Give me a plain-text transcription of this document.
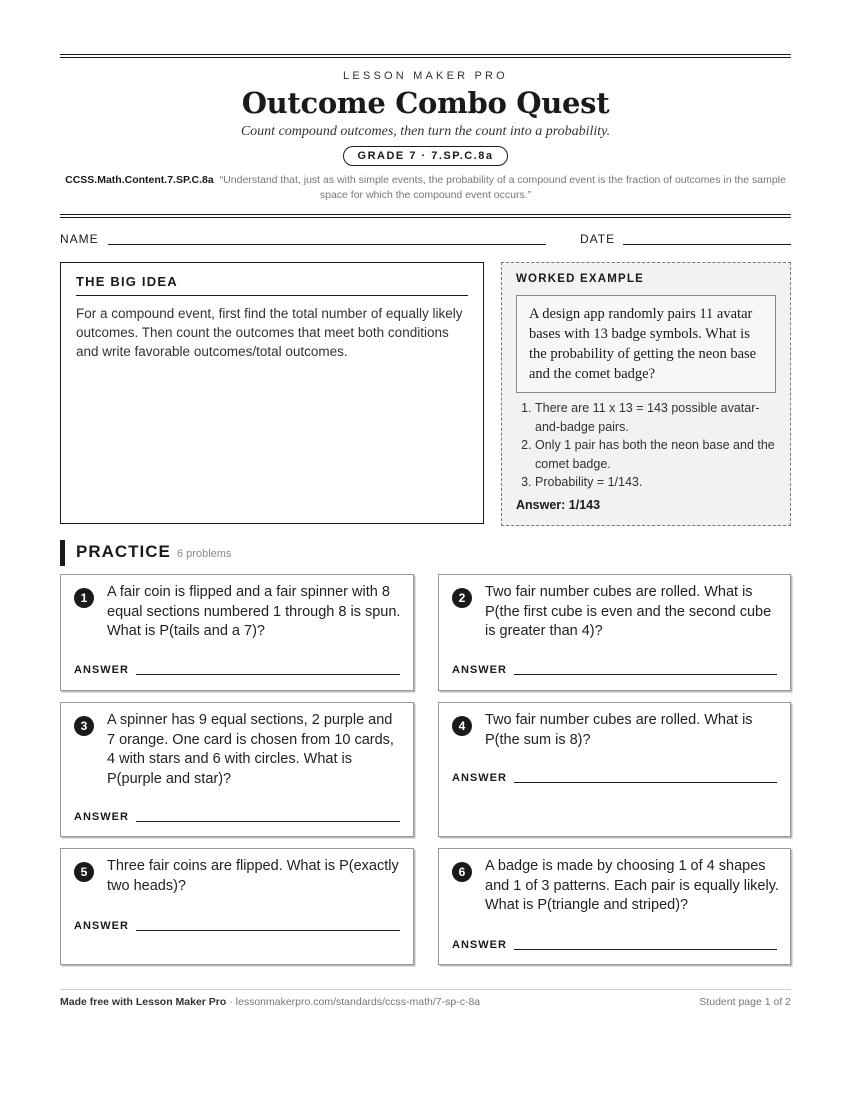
LESSON MAKER PRO
Outcome Combo Quest
Count compound outcomes, then turn the count into a probability.
GRADE 7 · 7.SP.C.8a
CCSS.Math.Content.7.SP.C.8a “Understand that, just as with simple events, the probability of a compound event is the fraction of outcomes in the sample space for which the compound event occurs.”
NAME	DATE
THE BIG IDEA

For a compound event, first find the total number of equally likely outcomes. Then count the outcomes that meet both conditions and write favorable outcomes/total outcomes.

WORKED EXAMPLE
A design app randomly pairs 11 avatar bases with 13 badge symbols. What is the probability of getting the neon base and the comet badge?
1. There are 11 x 13 = 143 possible avatar-and-badge pairs.
2. Only 1 pair has both the neon base and the comet badge.
3. Probability = 1/143.
Answer: 1/143
PRACTICE 6 problems
1	A fair coin is flipped and a fair spinner with 8 equal sections numbered 1 through 8 is spun. What is P(tails and a 7)?
ANSWER
2	Two fair number cubes are rolled. What is P(the first cube is even and the second cube is greater than 4)?
ANSWER
3	A spinner has 9 equal sections, 2 purple and 7 orange. One card is chosen from 10 cards, 4 with stars and 6 with circles. What is P(purple and star)?
ANSWER
4	Two fair number cubes are rolled. What is P(the sum is 8)?
ANSWER
5	Three fair coins are flipped. What is P(exactly two heads)?
ANSWER
6	A badge is made by choosing 1 of 4 shapes and 1 of 3 patterns. Each pair is equally likely. What is P(triangle and striped)?
ANSWER
Made free with Lesson Maker Pro · lessonmakerpro.com/standards/ccss-math/7-sp-c-8a	Student page 1 of 2
